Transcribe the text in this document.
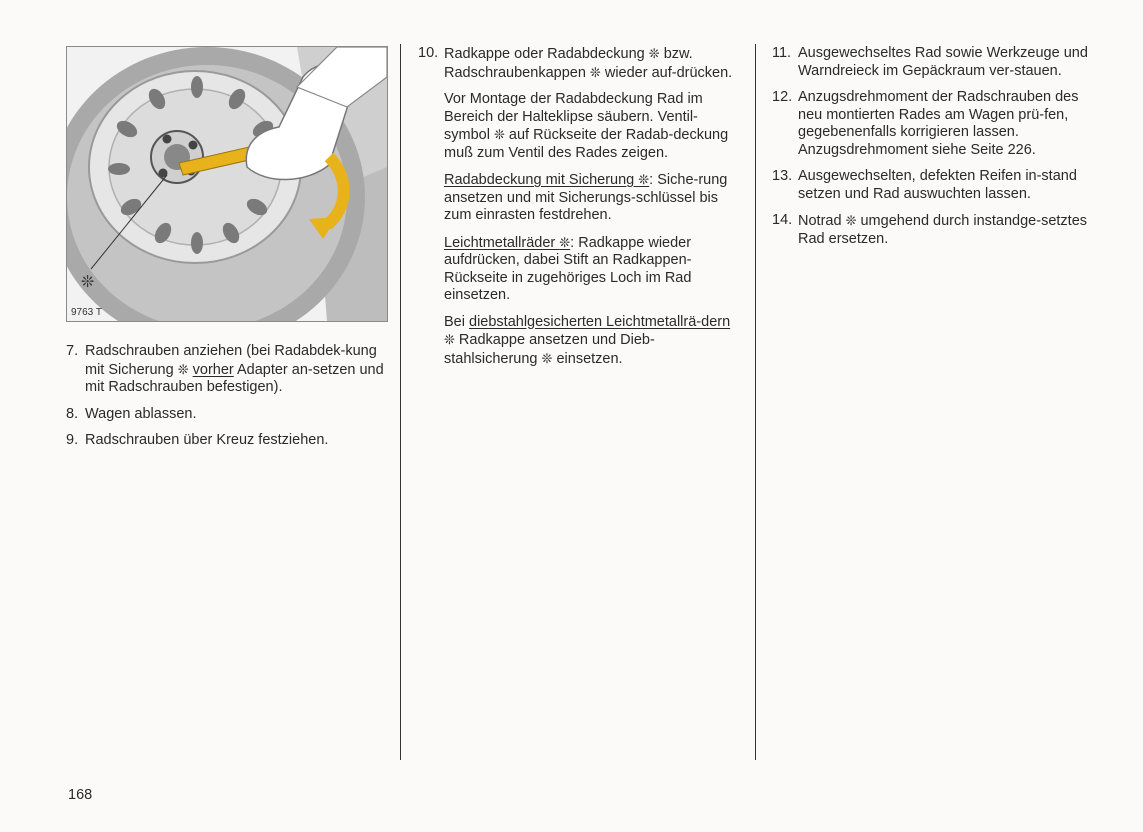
❊
9763 T
7. Radschrauben anziehen (bei Radabdek-kung mit Sicherung ❊ vorher Adapter an-setzen und mit Radschrauben befestigen).
8. Wagen ablassen.
9. Radschrauben über Kreuz festziehen.
10. Radkappe oder Radabdeckung ❊ bzw. Radschraubenkappen ❊ wieder auf-drücken.

Vor Montage der Radabdeckung Rad im Bereich der Halteklipse säubern. Ventil-symbol ❊ auf Rückseite der Radab-deckung muß zum Ventil des Rades zeigen.

Radabdeckung mit Sicherung ❊: Siche-rung ansetzen und mit Sicherungs-schlüssel bis zum einrasten festdrehen.

Leichtmetallräder ❊: Radkappe wieder aufdrücken, dabei Stift an Radkappen-Rückseite in zugehöriges Loch im Rad einsetzen.

Bei diebstahlgesicherten Leichtmetallrä-dern ❊ Radkappe ansetzen und Dieb-stahlsicherung ❊ einsetzen.

11. Ausgewechseltes Rad sowie Werkzeuge und Warndreieck im Gepäckraum ver-stauen.
12. Anzugsdrehmoment der Radschrauben des neu montierten Rades am Wagen prü-fen, gegebenenfalls korrigieren lassen. Anzugsdrehmoment siehe Seite 226.
13. Ausgewechselten, defekten Reifen in-stand setzen und Rad auswuchten lassen.
14. Notrad ❊ umgehend durch instandge-setztes Rad ersetzen.
168
